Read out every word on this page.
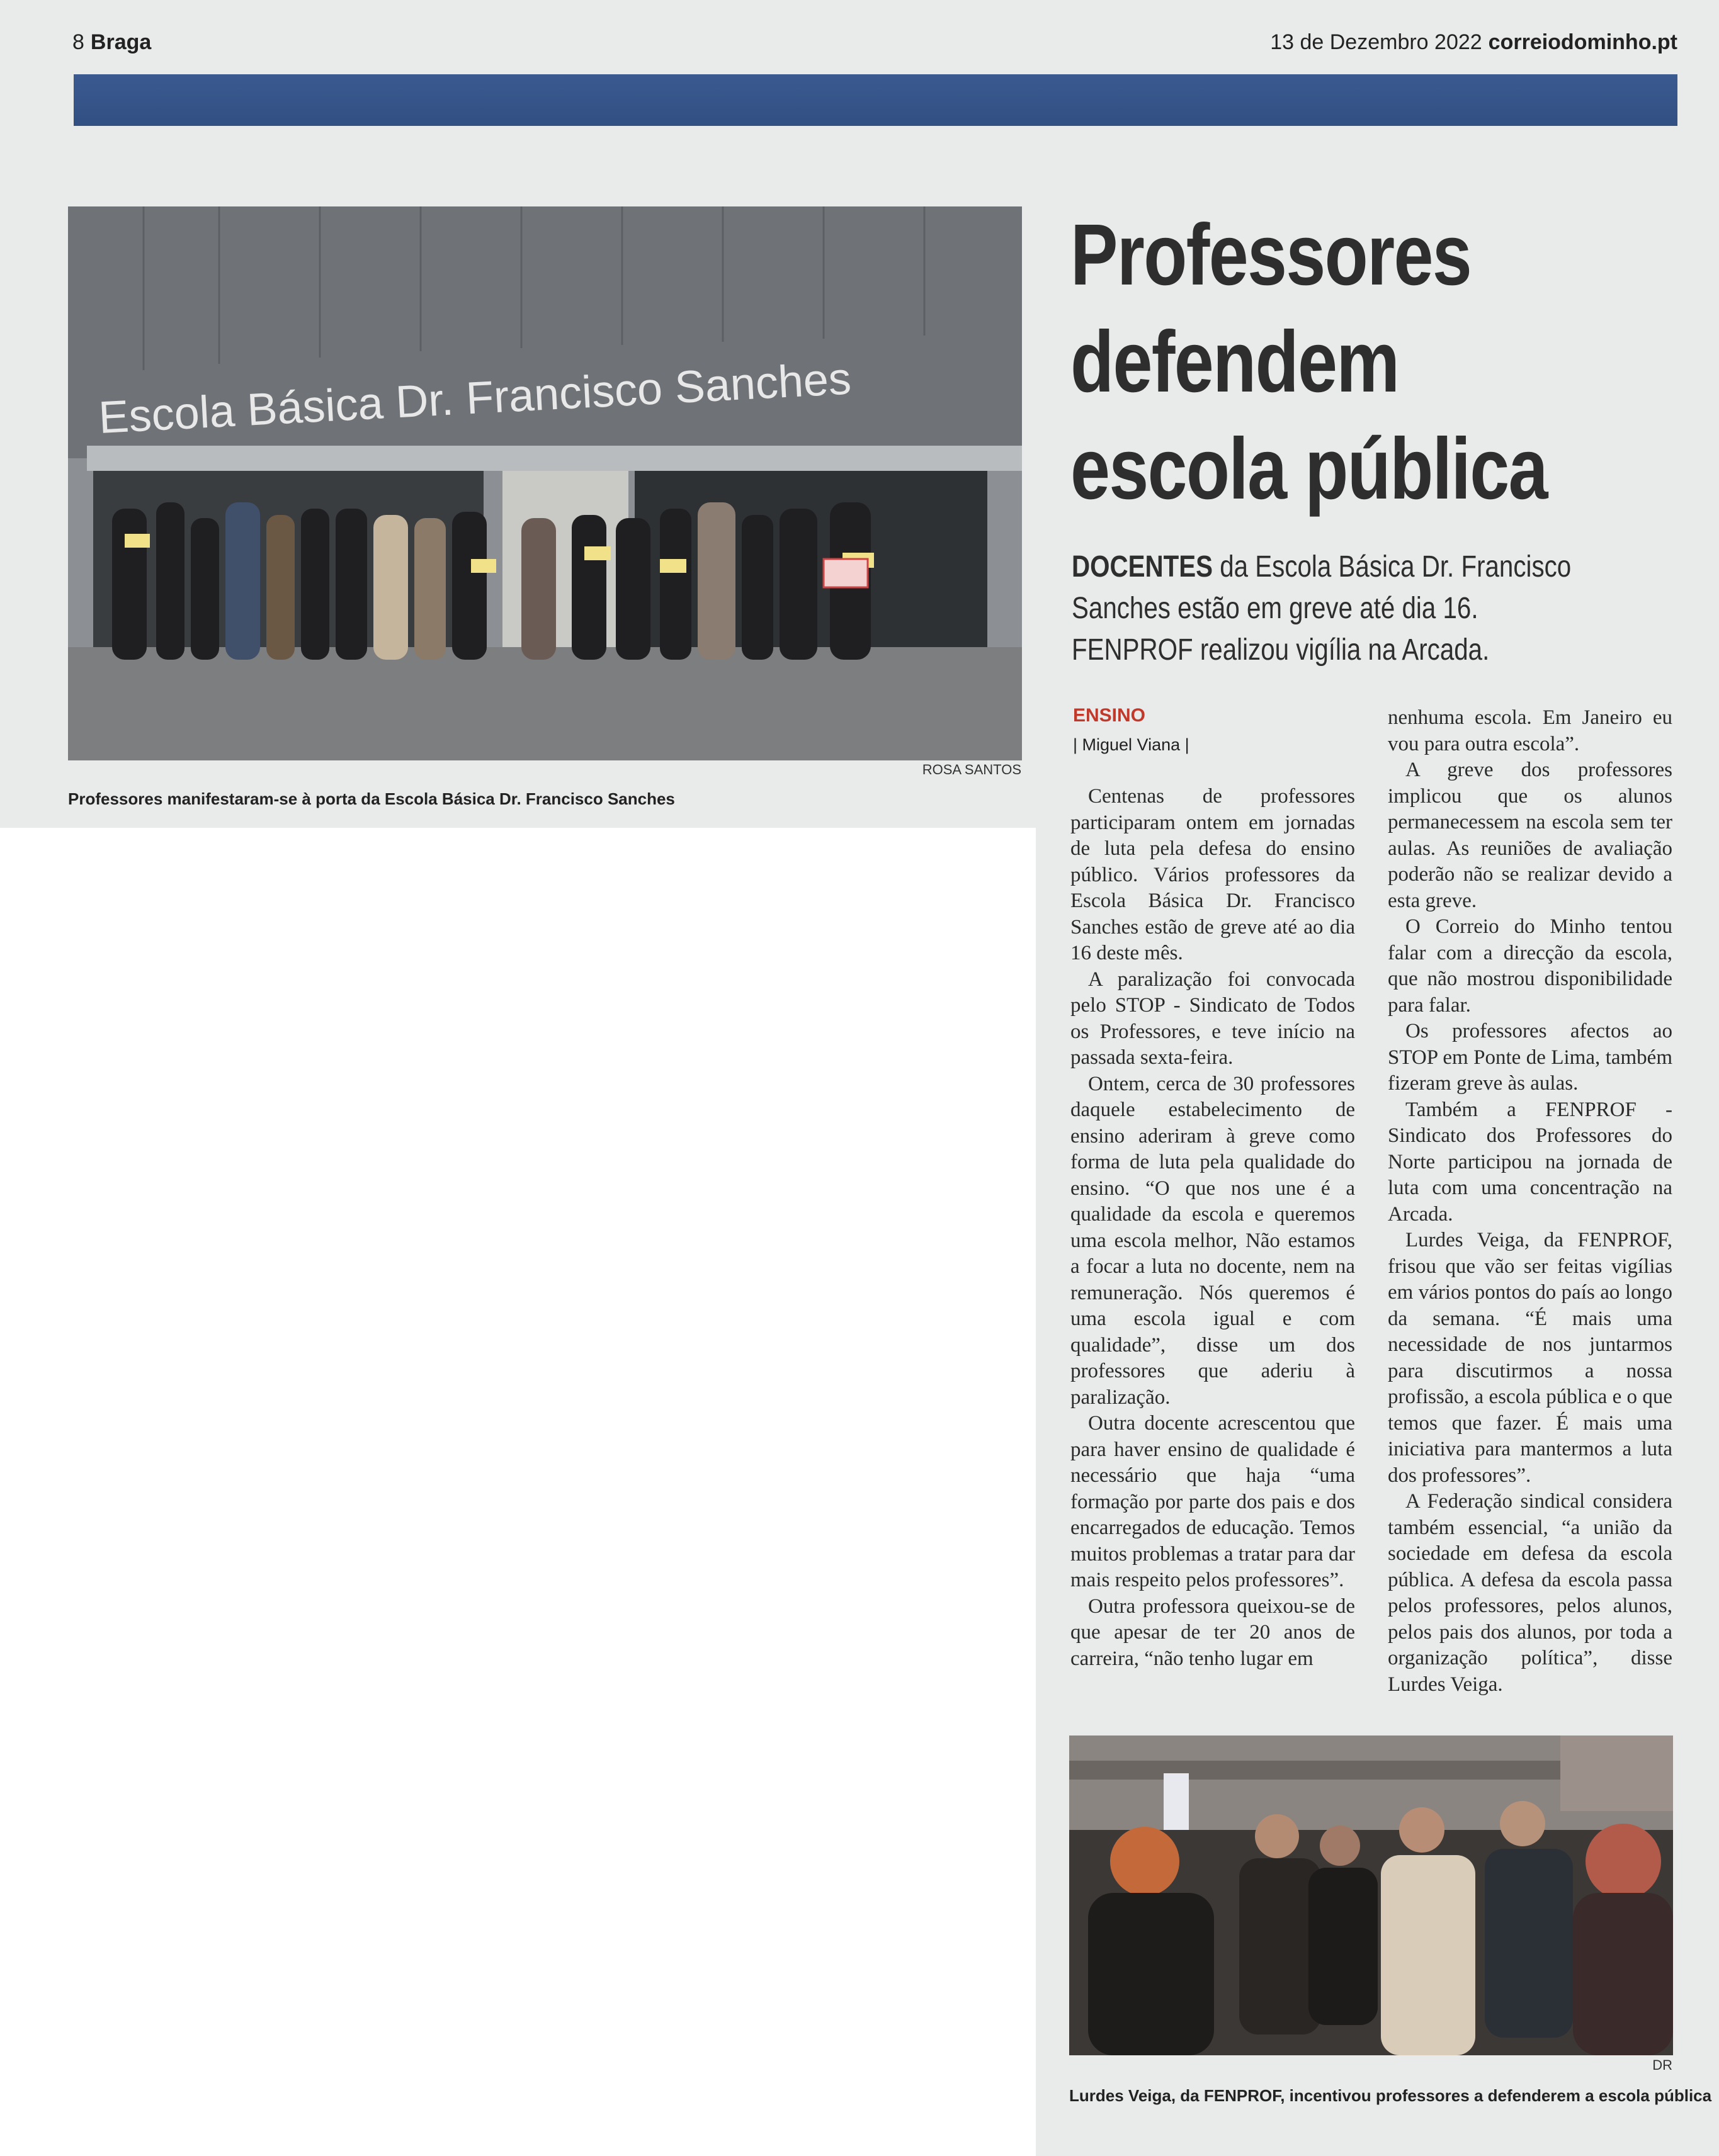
8 Braga	13 de Dezembro 2022 correiodominho.pt
Escola Básica Dr. Francisco Sanches
ROSA SANTOS
Professores manifestaram-se à porta da Escola Básica Dr. Francisco Sanches
Professores
defendem
escola pública
DOCENTES da Escola Básica Dr. Francisco
Sanches estão em greve até dia 16.
FENPROF realizou vigília na Arcada.
ENSINO
| Miguel Viana |

Centenas de professores participaram ontem em jornadas de luta pela defesa do ensino público. Vários professores da Escola Básica Dr. Francisco Sanches estão de greve até ao dia 16 deste mês.

A paralização foi convocada pelo STOP - Sindicato de Todos os Professores, e teve início na passada sexta-feira.

Ontem, cerca de 30 professores daquele estabelecimento de ensino aderiram à greve como forma de luta pela qualidade do ensino. “O que nos une é a qualidade da escola e queremos uma escola melhor, Não estamos a focar a luta no docente, nem na remuneração. Nós queremos é uma escola igual e com qualidade”, disse um dos professores que aderiu à paralização.

Outra docente acrescentou que para haver ensino de qualidade é necessário que haja “uma formação por parte dos pais e dos encarregados de educação. Temos muitos problemas a tratar para dar mais respeito pelos professores”.

Outra professora queixou-se de que apesar de ter 20 anos de carreira, “não tenho lugar em

nenhuma escola. Em Janeiro eu vou para outra escola”.

A greve dos professores implicou que os alunos permanecessem na escola sem ter aulas. As reuniões de avaliação poderão não se realizar devido a esta greve.

O Correio do Minho tentou falar com a direcção da escola, que não mostrou disponibilidade para falar.

Os professores afectos ao STOP em Ponte de Lima, também fizeram greve às aulas.

Também a FENPROF - Sindicato dos Professores do Norte participou na jornada de luta com uma concentração na Arcada.

Lurdes Veiga, da FENPROF, frisou que vão ser feitas vigílias em vários pontos do país ao longo da semana. “É mais uma necessidade de nos juntarmos para discutirmos a nossa profissão, a escola pública e o que temos que fazer. É mais uma iniciativa para mantermos a luta dos professores”.

A Federação sindical considera também essencial, “a união da sociedade em defesa da escola pública. A defesa da escola passa pelos professores, pelos alunos, pelos pais dos alunos, por toda a organização política”, disse Lurdes Veiga.

DR
Lurdes Veiga, da FENPROF, incentivou professores a defenderem a escola pública
